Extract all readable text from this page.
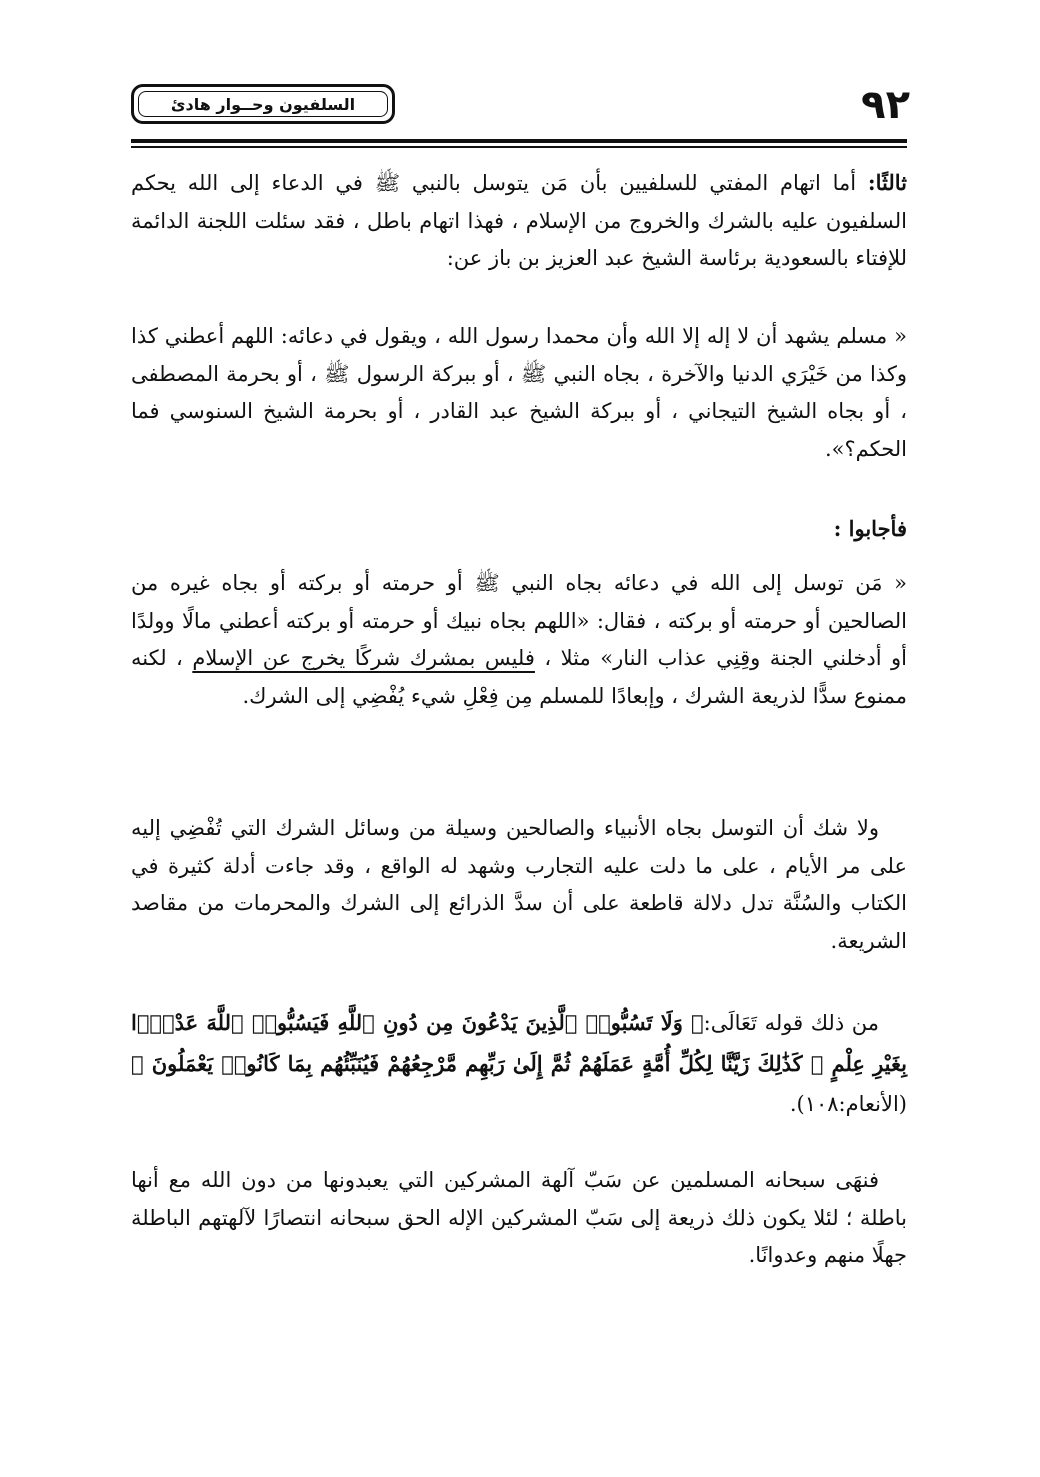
٩٢
السلفيون وحــوار هادئ

ثالثًا: أما اتهام المفتي للسلفيين بأن مَن يتوسل بالنبي ﷺ في الدعاء إلى الله يحكم السلفيون عليه بالشرك والخروج من الإسلام ، فهذا اتهام باطل ، فقد سئلت اللجنة الدائمة للإفتاء بالسعودية برئاسة الشيخ عبد العزيز بن باز عن:

« مسلم يشهد أن لا إله إلا الله وأن محمدا رسول الله ، ويقول في دعائه: اللهم أعطني كذا وكذا من خَيْرَي الدنيا والآخرة ، بجاه النبي ﷺ ، أو ببركة الرسول ﷺ ، أو بحرمة المصطفى ، أو بجاه الشيخ التيجاني ، أو ببركة الشيخ عبد القادر ، أو بحرمة الشيخ السنوسي فما الحكم؟».

فأجابوا :

« مَن توسل إلى الله في دعائه بجاه النبي ﷺ أو حرمته أو بركته أو بجاه غيره من الصالحين أو حرمته أو بركته ، فقال: «اللهم بجاه نبيك أو حرمته أو بركته أعطني مالًا وولدًا أو أدخلني الجنة وقِنِي عذاب النار» مثلا ، فليس بمشرك شركًا يخرج عن الإسلام ، لكنه ممنوع سدًّا لذريعة الشرك ، وإبعادًا للمسلم مِن فِعْلِ شيء يُفْضِي إلى الشرك.

ولا شك أن التوسل بجاه الأنبياء والصالحين وسيلة من وسائل الشرك التي تُفْضِي إليه على مر الأيام ، على ما دلت عليه التجارب وشهد له الواقع ، وقد جاءت أدلة كثيرة في الكتاب والسُنَّة تدل دلالة قاطعة على أن سدَّ الذرائع إلى الشرك والمحرمات من مقاصد الشريعة.

من ذلك قوله تَعَالَى:﴿ وَلَا تَسُبُّوا۟ ٱلَّذِينَ يَدْعُونَ مِن دُونِ ٱللَّهِ فَيَسُبُّوا۟ ٱللَّهَ عَدْوًۢا بِغَيْرِ عِلْمٍ ۗ كَذَٰلِكَ زَيَّنَّا لِكُلِّ أُمَّةٍ عَمَلَهُمْ ثُمَّ إِلَىٰ رَبِّهِم مَّرْجِعُهُمْ فَيُنَبِّئُهُم بِمَا كَانُوا۟ يَعْمَلُونَ ﴾ (الأنعام:١٠٨).

فنهَى سبحانه المسلمين عن سَبّ آلهة المشركين التي يعبدونها من دون الله مع أنها باطلة ؛ لئلا يكون ذلك ذريعة إلى سَبّ المشركين الإله الحق سبحانه انتصارًا لآلهتهم الباطلة جهلًا منهم وعدوانًا.
